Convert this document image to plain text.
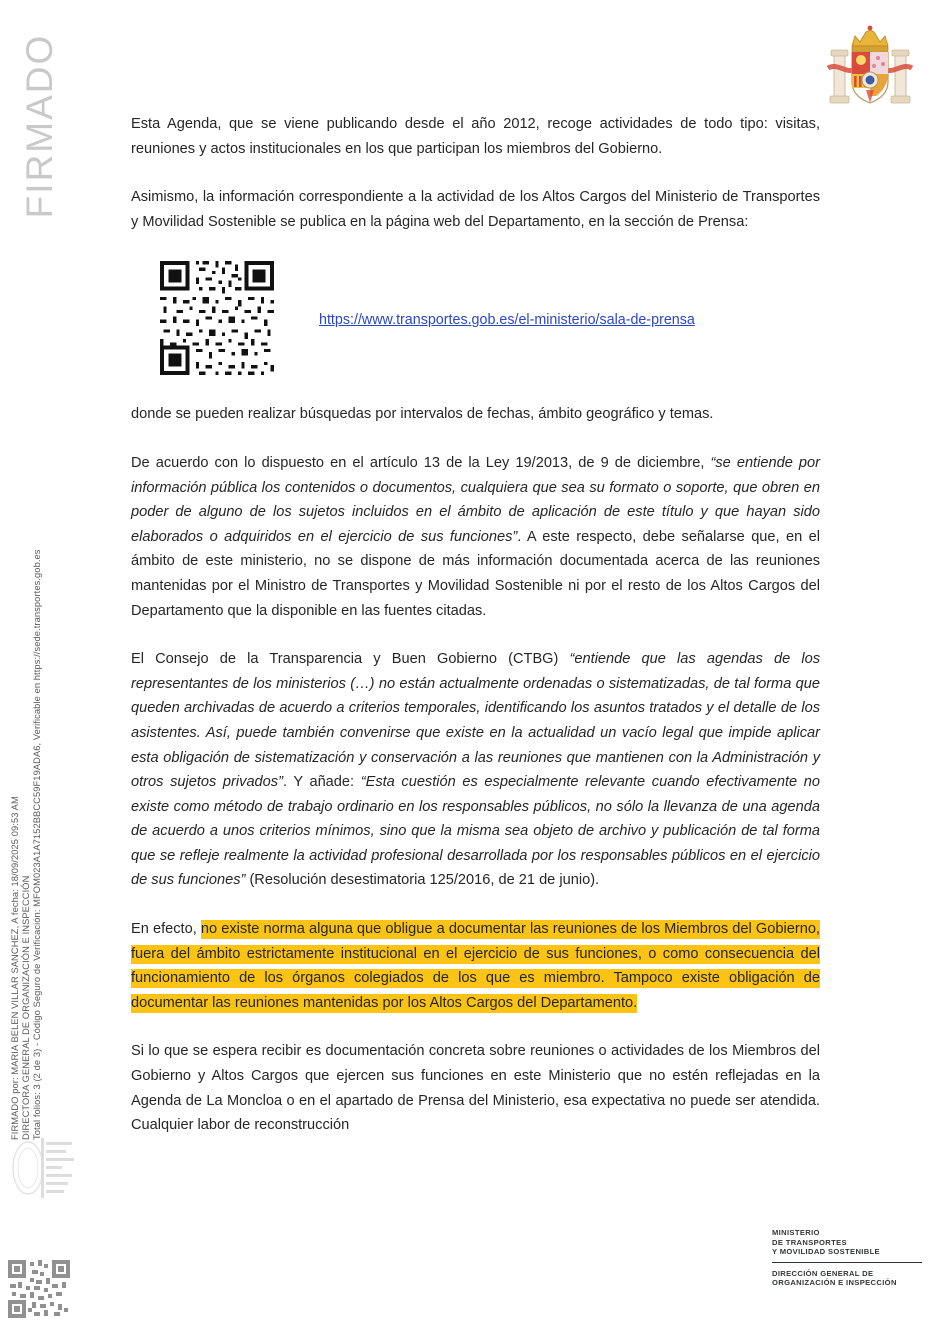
FIRMADO
FIRMADO por: MARIA BELEN VILLAR SANCHEZ, A fecha: 18/09/2025 09:53 AM DIRECTORA GENERAL DE ORGANIZACIÓN E INSPECCIÓN Total folios: 3 (2 de 3) - Código Seguro de Verificación: MFOM023A1A7152BBCC59F19ADA6, Verificable en https://sede.transportes.gob.es

Esta Agenda, que se viene publicando desde el año 2012, recoge actividades de todo tipo: visitas, reuniones y actos institucionales en los que participan los miembros del Gobierno.

Asimismo, la información correspondiente a la actividad de los Altos Cargos del Ministerio de Transportes y Movilidad Sostenible se publica en la página web del Departamento, en la sección de Prensa:

https://www.transportes.gob.es/el-ministerio/sala-de-prensa

donde se pueden realizar búsquedas por intervalos de fechas, ámbito geográfico y temas.

De acuerdo con lo dispuesto en el artículo 13 de la Ley 19/2013, de 9 de diciembre, “se entiende por información pública los contenidos o documentos, cualquiera que sea su formato o soporte, que obren en poder de alguno de los sujetos incluidos en el ámbito de aplicación de este título y que hayan sido elaborados o adquiridos en el ejercicio de sus funciones”. A este respecto, debe señalarse que, en el ámbito de este ministerio, no se dispone de más información documentada acerca de las reuniones mantenidas por el Ministro de Transportes y Movilidad Sostenible ni por el resto de los Altos Cargos del Departamento que la disponible en las fuentes citadas.

El Consejo de la Transparencia y Buen Gobierno (CTBG) “entiende que las agendas de los representantes de los ministerios (…) no están actualmente ordenadas o sistematizadas, de tal forma que queden archivadas de acuerdo a criterios temporales, identificando los asuntos tratados y el detalle de los asistentes. Así, puede también convenirse que existe en la actualidad un vacío legal que impide aplicar esta obligación de sistematización y conservación a las reuniones que mantienen con la Administración y otros sujetos privados”. Y añade: “Esta cuestión es especialmente relevante cuando efectivamente no existe como método de trabajo ordinario en los responsables públicos, no sólo la llevanza de una agenda de acuerdo a unos criterios mínimos, sino que la misma sea objeto de archivo y publicación de tal forma que se refleje realmente la actividad profesional desarrollada por los responsables públicos en el ejercicio de sus funciones” (Resolución desestimatoria 125/2016, de 21 de junio).

En efecto, no existe norma alguna que obligue a documentar las reuniones de los Miembros del Gobierno, fuera del ámbito estrictamente institucional en el ejercicio de sus funciones, o como consecuencia del funcionamiento de los órganos colegiados de los que es miembro. Tampoco existe obligación de documentar las reuniones mantenidas por los Altos Cargos del Departamento.

Si lo que se espera recibir es documentación concreta sobre reuniones o actividades de los Miembros del Gobierno y Altos Cargos que ejercen sus funciones en este Ministerio que no estén reflejadas en la Agenda de La Moncloa o en el apartado de Prensa del Ministerio, esa expectativa no puede ser atendida. Cualquier labor de reconstrucción

MINISTERIO
DE TRANSPORTES
Y MOVILIDAD SOSTENIBLE
DIRECCIÓN GENERAL DE
ORGANIZACIÓN E INSPECCIÓN
